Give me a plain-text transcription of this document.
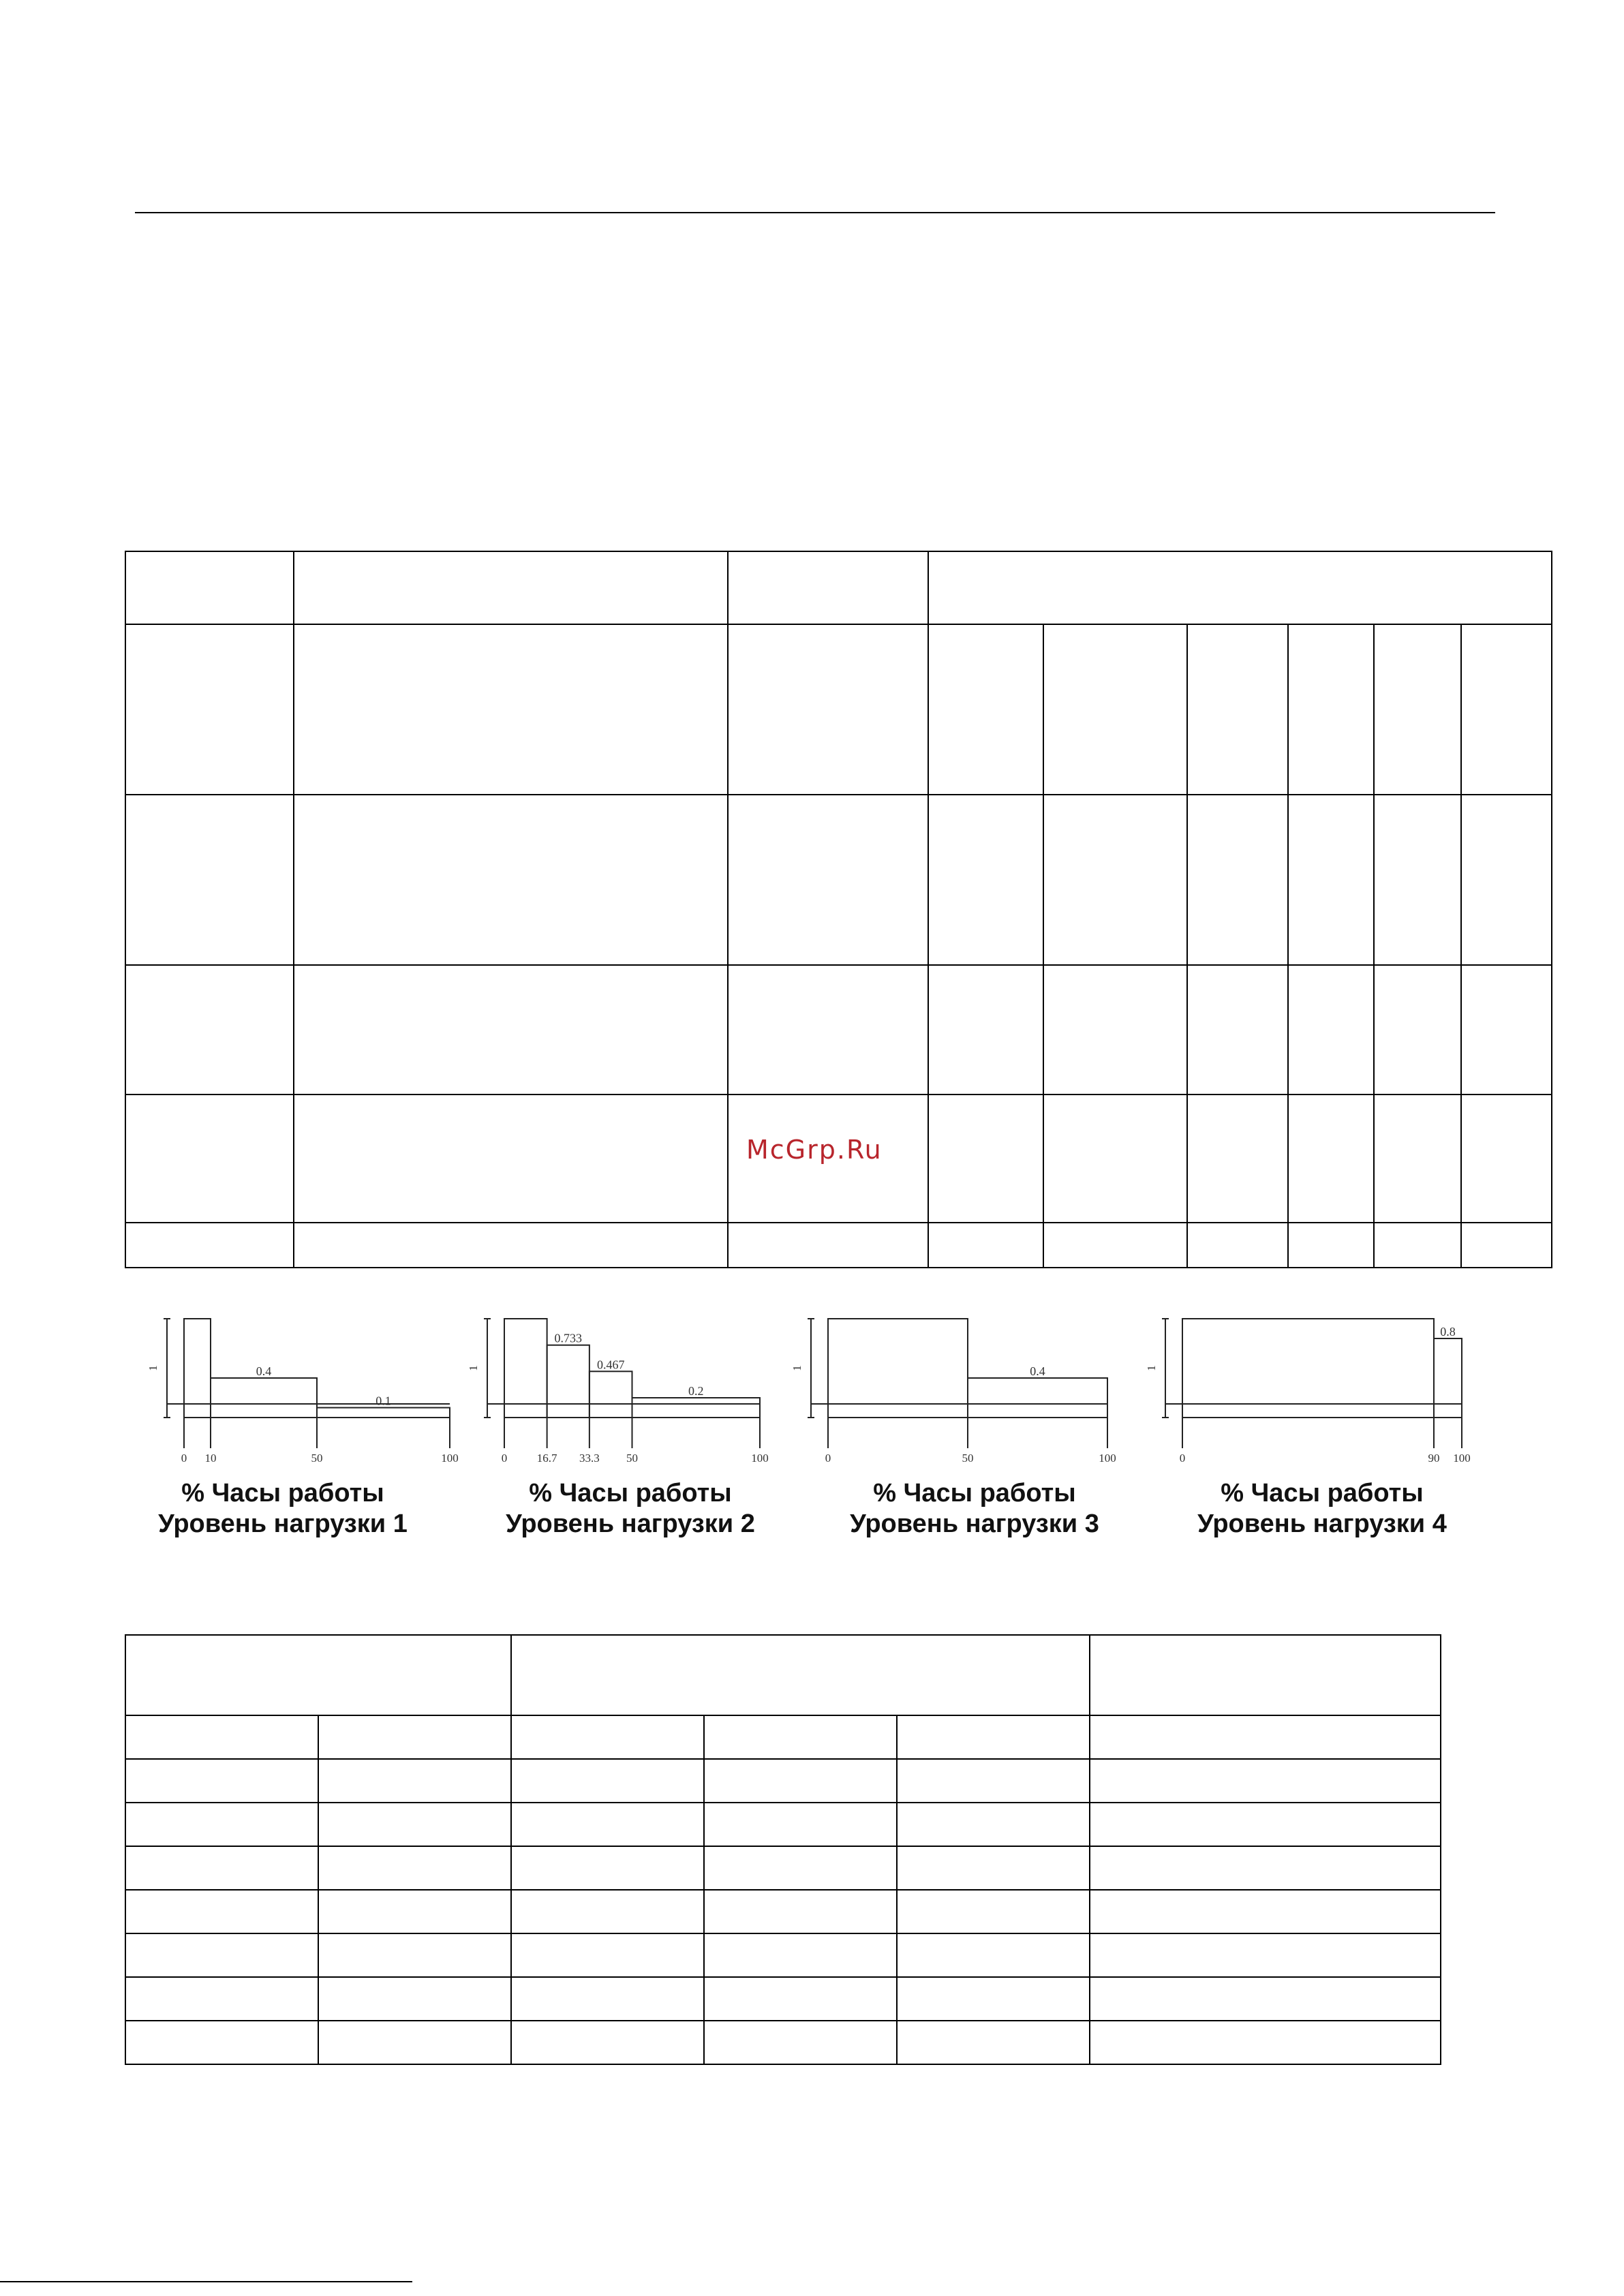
McGrp.Ru
1	0.4
0.1
0 10	50	100
% Часы работы
Уровень нагрузки 1
1
0.733
0.467
0.2
0	16.7 33.3 50	100
% Часы работы
Уровень нагрузки 2
1	0.4
0	50	100
% Часы работы
Уровень нагрузки 3
1
0.8
0	90 100
% Часы работы
Уровень нагрузки 4
